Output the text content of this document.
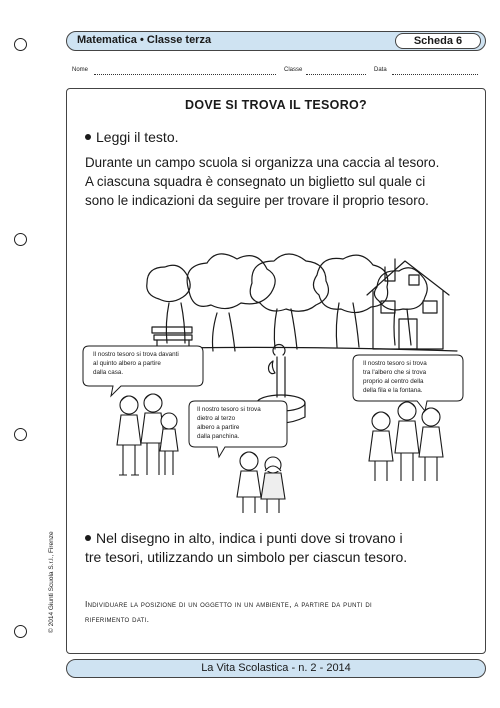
Matematica • Classe terza	Scheda 6
Nome	Classe	Data
DOVE SI TROVA IL TESORO?
Leggi il testo.
Durante un campo scuola si organizza una caccia al tesoro.
A ciascuna squadra è consegnato un biglietto sul quale ci
sono le indicazioni da seguire per trovare il proprio tesoro.
Il nostro tesoro si trova davanti
al quinto albero a partire
dalla casa.
Il nostro tesoro si trova
dietro al terzo
albero a partire
dalla panchina.
Il nostro tesoro si trova
tra l'albero che si trova
proprio al centro della
della fila e la fontana.
Nel disegno in alto, indica i punti dove si trovano i
tre tesori, utilizzando un simbolo per ciascun tesoro.
Individuare la posizione di un oggetto in un ambiente, a partire da punti di
riferimento dati.
© 2014 Giunti Scuola S.r.l., Firenze
La Vita Scolastica - n. 2 - 2014
